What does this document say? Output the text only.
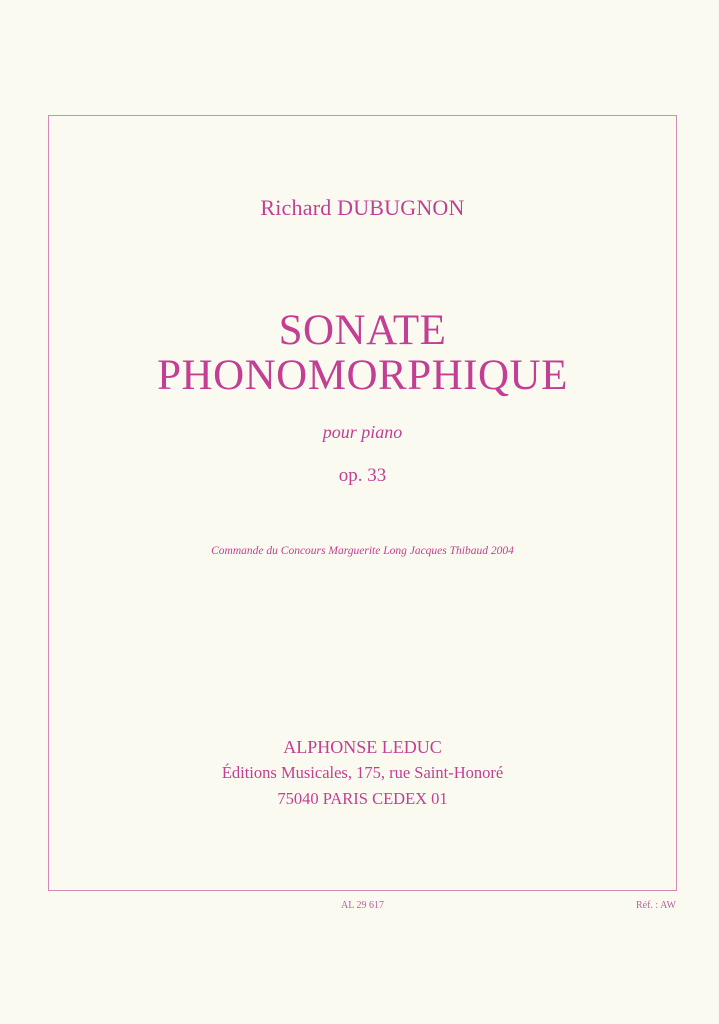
Richard DUBUGNON
SONATE
PHONOMORPHIQUE
pour piano
op. 33
Commande du Concours Marguerite Long Jacques Thibaud 2004
ALPHONSE LEDUC
Éditions Musicales, 175, rue Saint-Honoré
75040 PARIS CEDEX 01
AL 29 617	Réf. : AW
